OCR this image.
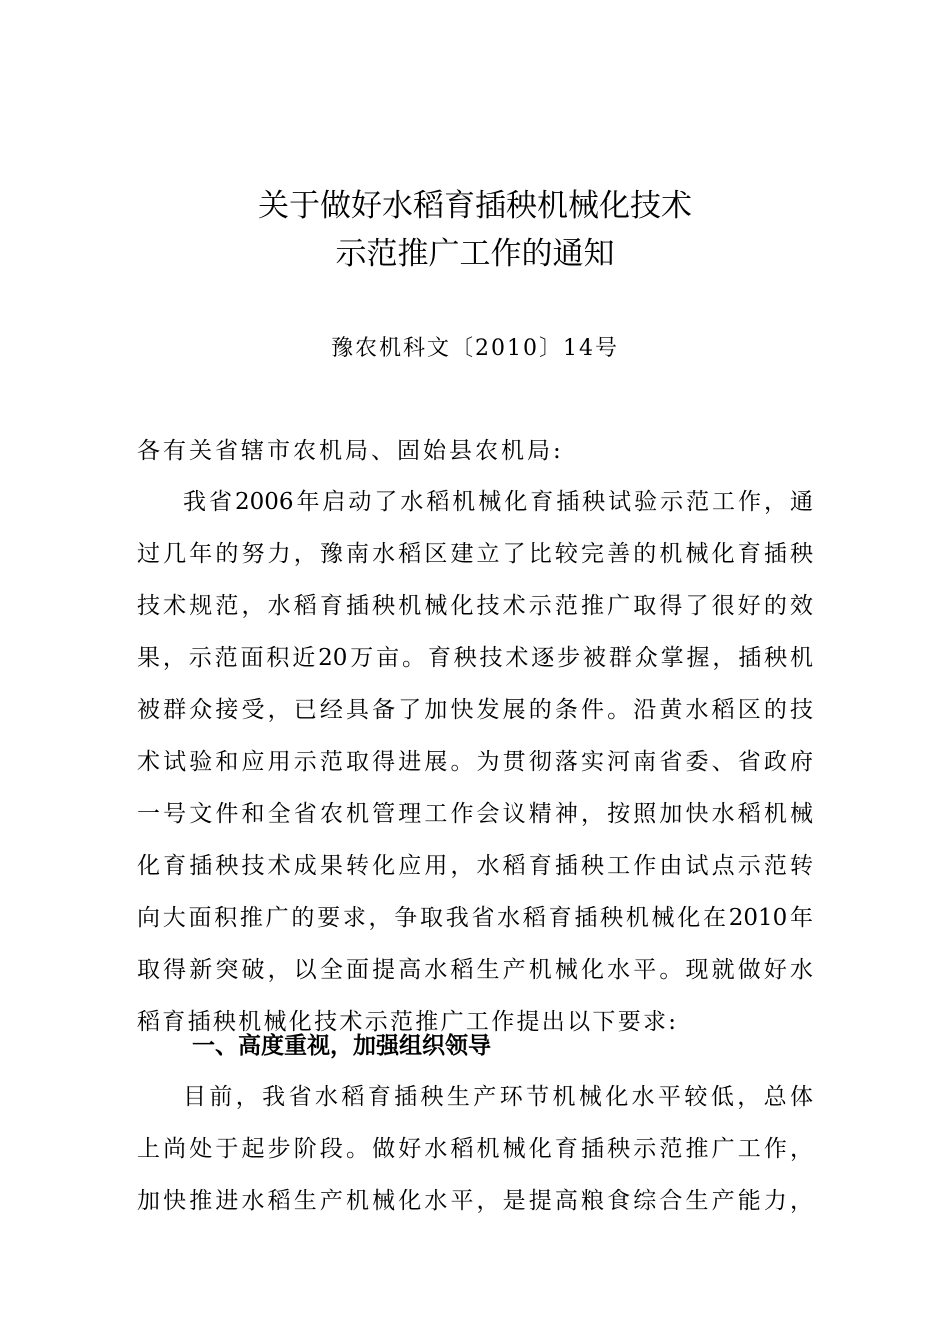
关于做好水稻育插秧机械化技术
示范推广工作的通知
豫农机科文〔2010〕14号
各有关省辖市农机局、固始县农机局:
我省2006年启动了水稻机械化育插秧试验示范工作，通
过几年的努力，豫南水稻区建立了比较完善的机械化育插秧
技术规范，水稻育插秧机械化技术示范推广取得了很好的效
果，示范面积近20万亩。育秧技术逐步被群众掌握，插秧机
被群众接受，已经具备了加快发展的条件。沿黄水稻区的技
术试验和应用示范取得进展。为贯彻落实河南省委、省政府
一号文件和全省农机管理工作会议精神，按照加快水稻机械
化育插秧技术成果转化应用，水稻育插秧工作由试点示范转
向大面积推广的要求，争取我省水稻育插秧机械化在2010年
取得新突破，以全面提高水稻生产机械化水平。现就做好水
稻育插秧机械化技术示范推广工作提出以下要求:
一、高度重视，加强组织领导
目前，我省水稻育插秧生产环节机械化水平较低，总体
上尚处于起步阶段。做好水稻机械化育插秧示范推广工作，
加快推进水稻生产机械化水平，是提高粮食综合生产能力，
